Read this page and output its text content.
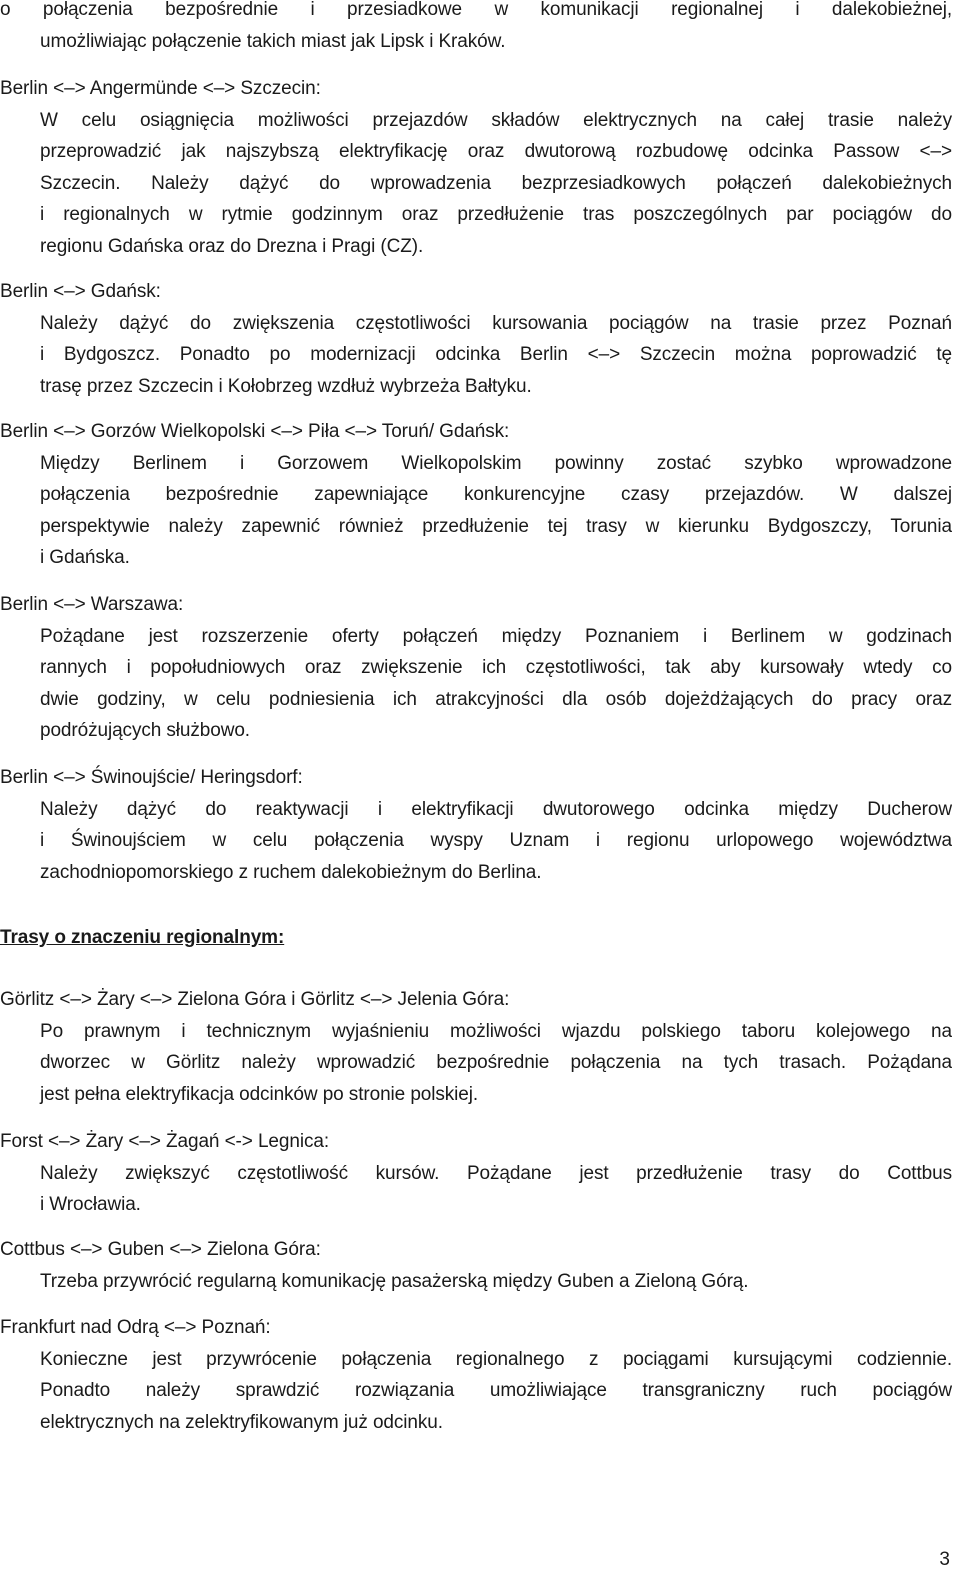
o połączenia bezpośrednie i przesiadkowe w komunikacji regionalnej i dalekobieżnej,
umożliwiając połączenie takich miast jak Lipsk i Kraków.
Berlin <–> Angermünde <–> Szczecin:
W celu osiągnięcia możliwości przejazdów składów elektrycznych na całej trasie należy
przeprowadzić jak najszybszą elektryfikację oraz dwutorową rozbudowę odcinka Passow <–>
Szczecin. Należy dążyć do wprowadzenia bezprzesiadkowych połączeń dalekobieżnych
i regionalnych w rytmie godzinnym oraz przedłużenie tras poszczególnych par pociągów do
regionu Gdańska oraz do Drezna i Pragi (CZ).
Berlin <–> Gdańsk:
Należy dążyć do zwiększenia częstotliwości kursowania pociągów na trasie przez Poznań
i Bydgoszcz. Ponadto po modernizacji odcinka Berlin <–> Szczecin można poprowadzić tę
trasę przez Szczecin i Kołobrzeg wzdłuż wybrzeża Bałtyku.
Berlin <–> Gorzów Wielkopolski <–> Piła <–> Toruń/ Gdańsk:
Między Berlinem i Gorzowem Wielkopolskim powinny zostać szybko wprowadzone
połączenia bezpośrednie zapewniające konkurencyjne czasy przejazdów. W dalszej
perspektywie należy zapewnić również przedłużenie tej trasy w kierunku Bydgoszczy, Torunia
i Gdańska.
Berlin <–> Warszawa:
Pożądane jest rozszerzenie oferty połączeń między Poznaniem i Berlinem w godzinach
rannych i popołudniowych oraz zwiększenie ich częstotliwości, tak aby kursowały wtedy co
dwie godziny, w celu podniesienia ich atrakcyjności dla osób dojeżdżających do pracy oraz
podróżujących służbowo.
Berlin <–> Świnoujście/ Heringsdorf:
Należy dążyć do reaktywacji i elektryfikacji dwutorowego odcinka między Ducherow
i Świnoujściem w celu połączenia wyspy Uznam i regionu urlopowego województwa
zachodniopomorskiego z ruchem dalekobieżnym do Berlina.
Trasy o znaczeniu regionalnym:
Görlitz <–> Żary <–> Zielona Góra i Görlitz <–> Jelenia Góra:
Po prawnym i technicznym wyjaśnieniu możliwości wjazdu polskiego taboru kolejowego na
dworzec w Görlitz należy wprowadzić bezpośrednie połączenia na tych trasach. Pożądana
jest pełna elektryfikacja odcinków po stronie polskiej.
Forst <–> Żary <–> Żagań <-> Legnica:
Należy zwiększyć częstotliwość kursów. Pożądane jest przedłużenie trasy do Cottbus
i Wrocławia.
Cottbus <–> Guben <–> Zielona Góra:
Trzeba przywrócić regularną komunikację pasażerską między Guben a Zieloną Górą.
Frankfurt nad Odrą <–> Poznań:
Konieczne jest przywrócenie połączenia regionalnego z pociągami kursującymi codziennie.
Ponadto należy sprawdzić rozwiązania umożliwiające transgraniczny ruch pociągów
elektrycznych na zelektryfikowanym już odcinku.
3
